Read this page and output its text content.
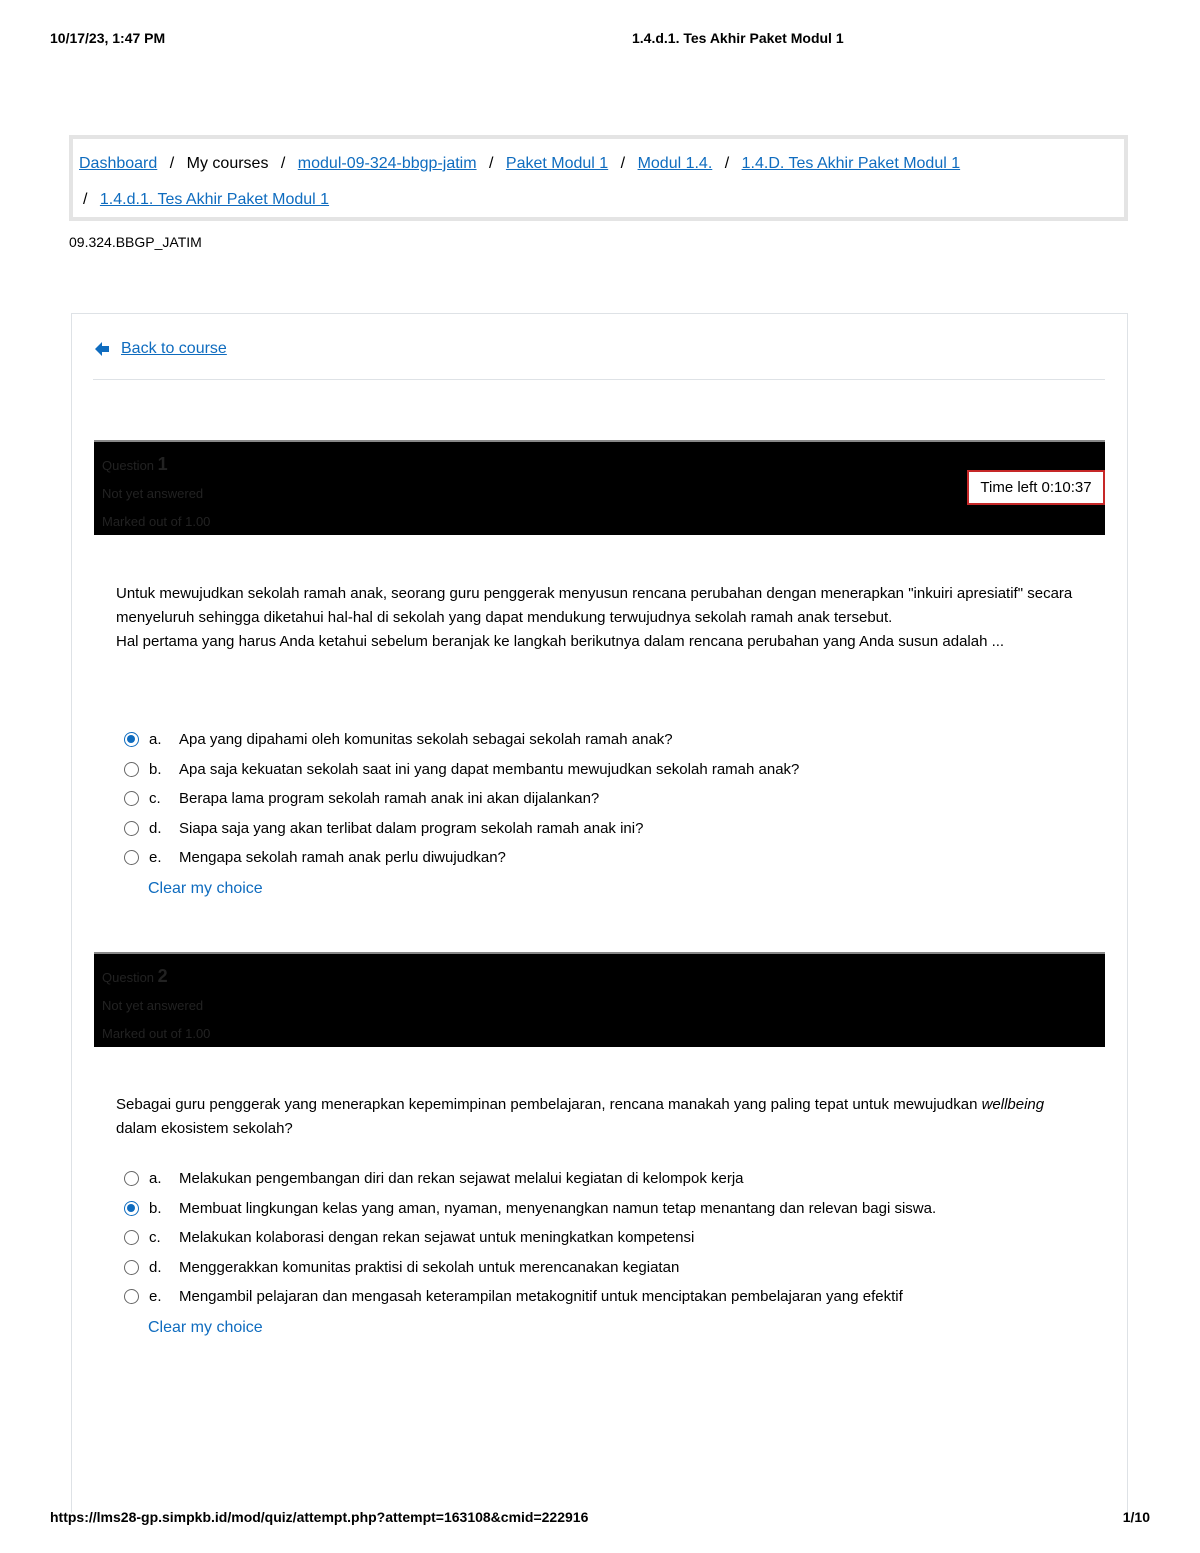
10/17/23, 1:47 PM	1.4.d.1. Tes Akhir Paket Modul 1
Dashboard / My courses / modul-09-324-bbgp-jatim / Paket Modul 1 / Modul 1.4. / 1.4.D. Tes Akhir Paket Modul 1
/ 1.4.d.1. Tes Akhir Paket Modul 1
09.324.BBGP_JATIM
Back to course
Question 1
Not yet answered
Marked out of 1.00
Time left 0:10:37
Untuk mewujudkan sekolah ramah anak, seorang guru penggerak menyusun rencana perubahan dengan menerapkan "inkuiri apresiatif" secara menyeluruh sehingga diketahui hal-hal di sekolah yang dapat mendukung terwujudnya sekolah ramah anak tersebut.
Hal pertama yang harus Anda ketahui sebelum beranjak ke langkah berikutnya dalam rencana perubahan yang Anda susun adalah ...
a.	Apa yang dipahami oleh komunitas sekolah sebagai sekolah ramah anak?
b.	Apa saja kekuatan sekolah saat ini yang dapat membantu mewujudkan sekolah ramah anak?
c.	Berapa lama program sekolah ramah anak ini akan dijalankan?
d.	Siapa saja yang akan terlibat dalam program sekolah ramah anak ini?
e.	Mengapa sekolah ramah anak perlu diwujudkan?
Clear my choice
Question 2
Not yet answered
Marked out of 1.00
Sebagai guru penggerak yang menerapkan kepemimpinan pembelajaran, rencana manakah yang paling tepat untuk mewujudkan wellbeing dalam ekosistem sekolah?
a.	Melakukan pengembangan diri dan rekan sejawat melalui kegiatan di kelompok kerja
b.	Membuat lingkungan kelas yang aman, nyaman, menyenangkan namun tetap menantang dan relevan bagi siswa.
c.	Melakukan kolaborasi dengan rekan sejawat untuk meningkatkan kompetensi
d.	Menggerakkan komunitas praktisi di sekolah untuk merencanakan kegiatan
e.	Mengambil pelajaran dan mengasah keterampilan metakognitif untuk menciptakan pembelajaran yang efektif
Clear my choice
https://lms28-gp.simpkb.id/mod/quiz/attempt.php?attempt=163108&cmid=222916	1/10
